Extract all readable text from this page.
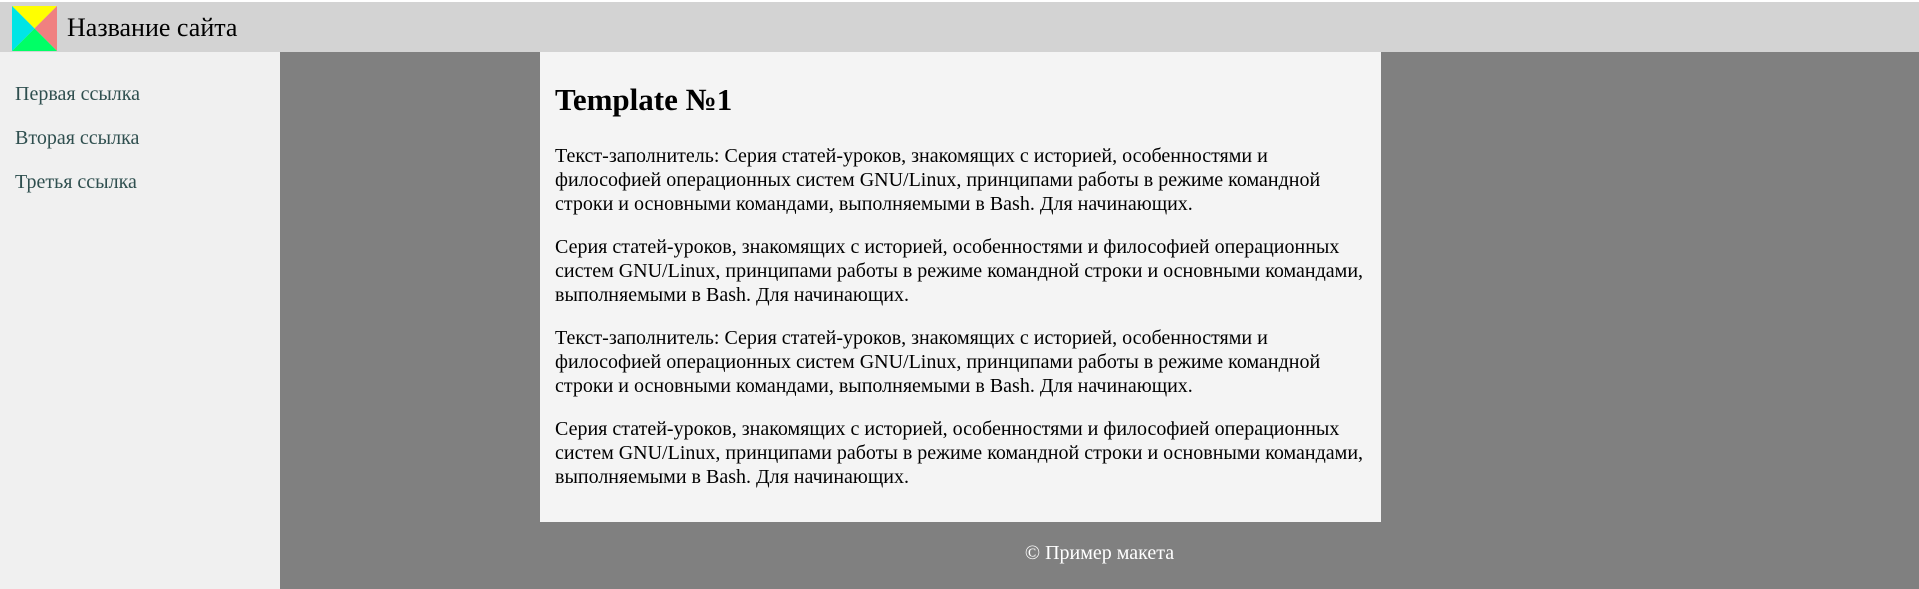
Название сайта
Первая ссылка
Вторая ссылка
Третья ссылка
Template №1

Текст-заполнитель: Серия статей-уроков, знакомящих с историей, особенностями и философией операционных систем GNU/Linux, принципами работы в режиме командной строки и основными командами, выполняемыми в Bash. Для начинающих.

Серия статей-уроков, знакомящих с историей, особенностями и философией операционных систем GNU/Linux, принципами работы в режиме командной строки и основными командами, выполняемыми в Bash. Для начинающих.

Текст-заполнитель: Серия статей-уроков, знакомящих с историей, особенностями и философией операционных систем GNU/Linux, принципами работы в режиме командной строки и основными командами, выполняемыми в Bash. Для начинающих.

Серия статей-уроков, знакомящих с историей, особенностями и философией операционных систем GNU/Linux, принципами работы в режиме командной строки и основными командами, выполняемыми в Bash. Для начинающих.

© Пример макета
